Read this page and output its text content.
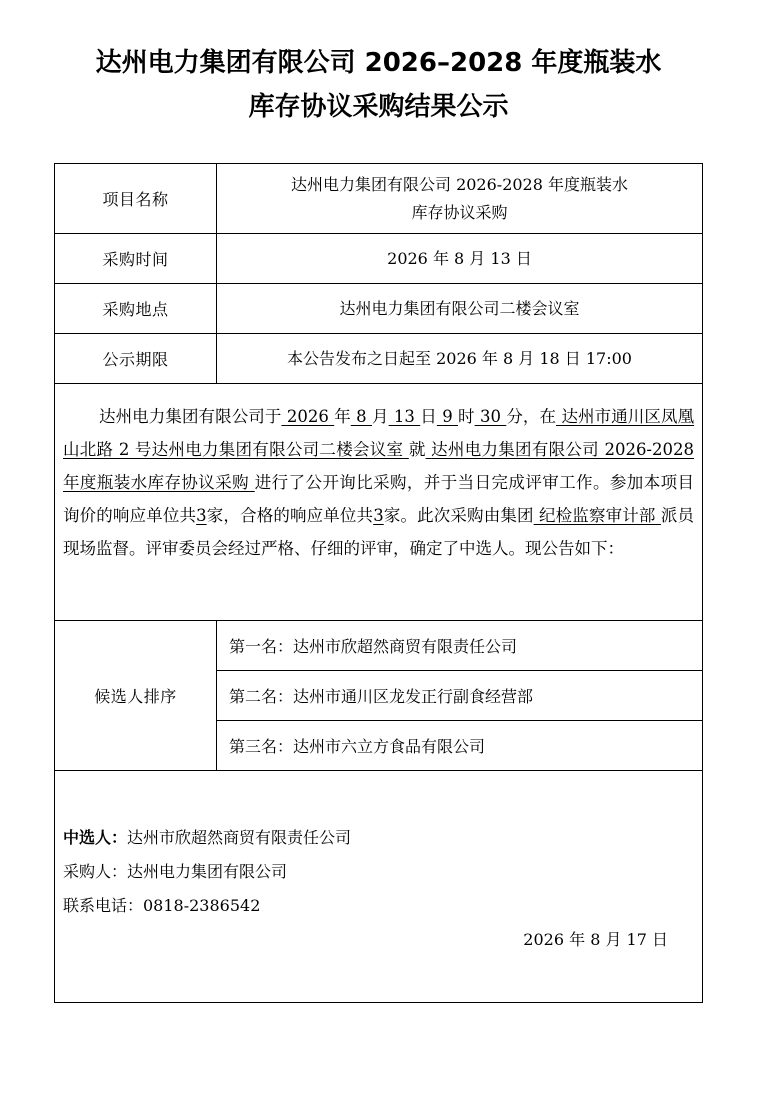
达州电力集团有限公司 2026–2028 年度瓶装水
库存协议采购结果公示
项目名称	达州电力集团有限公司 2026-2028 年度瓶装水
库存协议采购

采购时间	2026 年 8 月 13 日
采购地点	达州电力集团有限公司二楼会议室
公示期限	本公告发布之日起至 2026 年 8 月 18 日 17:00
达州电力集团有限公司于 2026 年 8 月 13 日 9 时 30 分，在 达州市通川区凤凰山北路 2 号达州电力集团有限公司二楼会议室 就 达州电力集团有限公司 2026-2028 年度瓶装水库存协议采购 进行了公开询比采购，并于当日完成评审工作。参加本项目询价的响应单位共3家，合格的响应单位共3家。此次采购由集团 纪检监察审计部 派员现场监督。评审委员会经过严格、仔细的评审，确定了中选人。现公告如下：	
候选人排序	第一名：达州市欣超然商贸有限责任公司
	第二名：达州市通川区龙发正行副食经营部
	第三名：达州市六立方食品有限公司

中选人：达州市欣超然商贸有限责任公司
采购人：达州电力集团有限公司
联系电话：0818-2386542
2026 年 8 月 17 日	
